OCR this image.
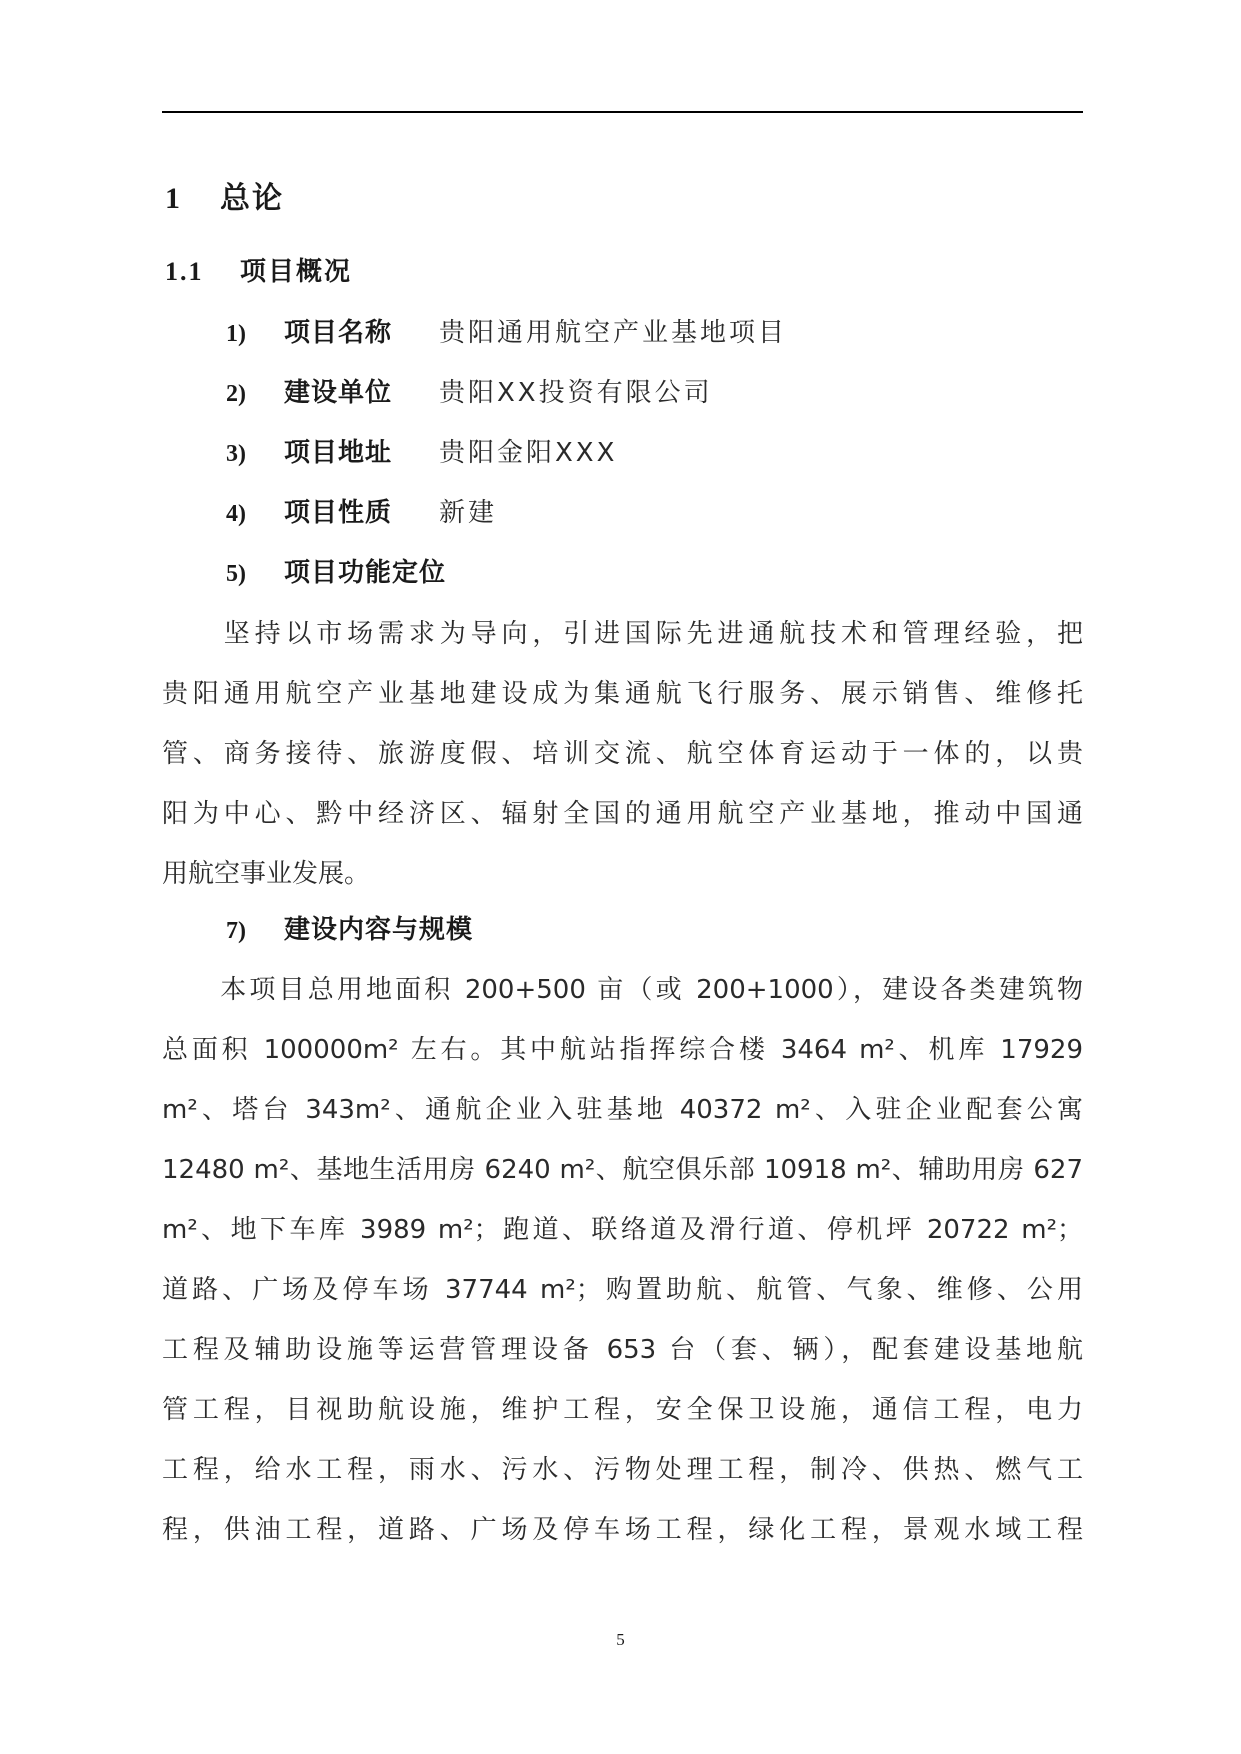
1 总论
1.1 项目概况
1) 项目名称 贵阳通用航空产业基地项目
2) 建设单位 贵阳XX投资有限公司
3) 项目地址 贵阳金阳XXX
4) 项目性质 新建
5) 项目功能定位
　　坚持以市场需求为导向，引进国际先进通航技术和管理经验，把
贵阳通用航空产业基地建设成为集通航飞行服务、展示销售、维修托
管、商务接待、旅游度假、培训交流、航空体育运动于一体的，以贵
阳为中心、黔中经济区、辐射全国的通用航空产业基地，推动中国通
用航空事业发展。
7) 建设内容与规模
　　本项目总用地面积 200+500 亩（或 200+1000），建设各类建筑物
总面积 100000m² 左右。其中航站指挥综合楼 3464 m²、机库 17929
m²、塔台 343m²、通航企业入驻基地 40372 m²、入驻企业配套公寓
12480 m²、基地生活用房 6240 m²、航空俱乐部 10918 m²、辅助用房 627
m²、地下车库 3989 m²；跑道、联络道及滑行道、停机坪 20722 m²；
道路、广场及停车场 37744 m²；购置助航、航管、气象、维修、公用
工程及辅助设施等运营管理设备 653 台（套、辆），配套建设基地航
管工程，目视助航设施，维护工程，安全保卫设施，通信工程，电力
工程，给水工程，雨水、污水、污物处理工程，制冷、供热、燃气工
程，供油工程，道路、广场及停车场工程，绿化工程，景观水域工程
5
